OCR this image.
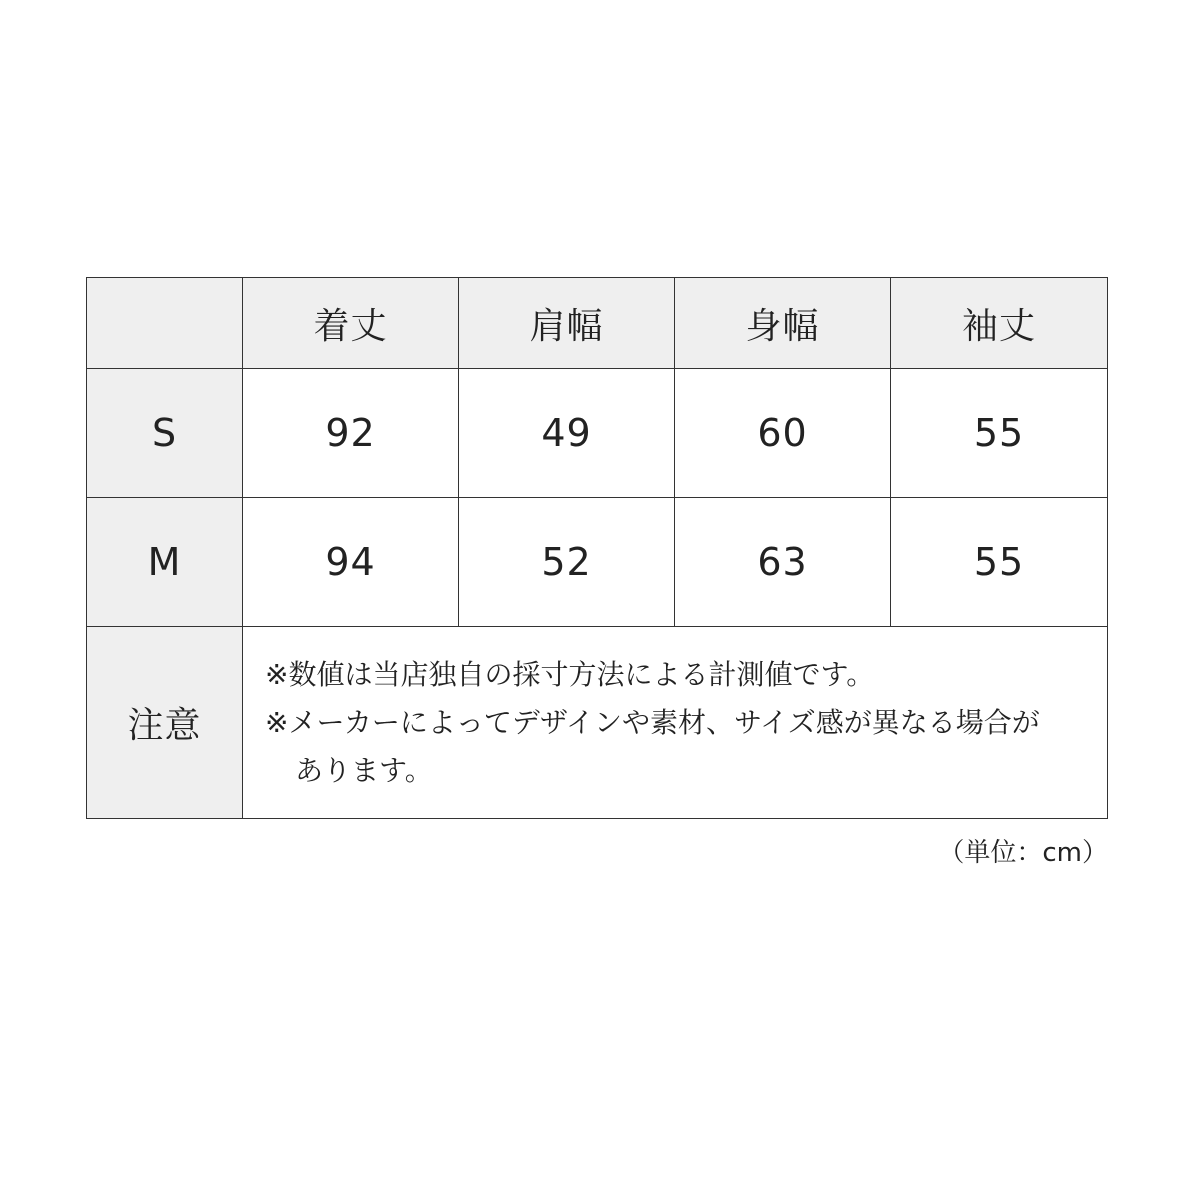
	着丈	肩幅	身幅	袖丈
S	92	49	60	55
M	94	52	63	55
注意	※数値は当店独自の採寸方法による計測値です。
※メーカーによってデザインや素材、サイズ感が異なる場合が
あります。			
（単位：cm）
